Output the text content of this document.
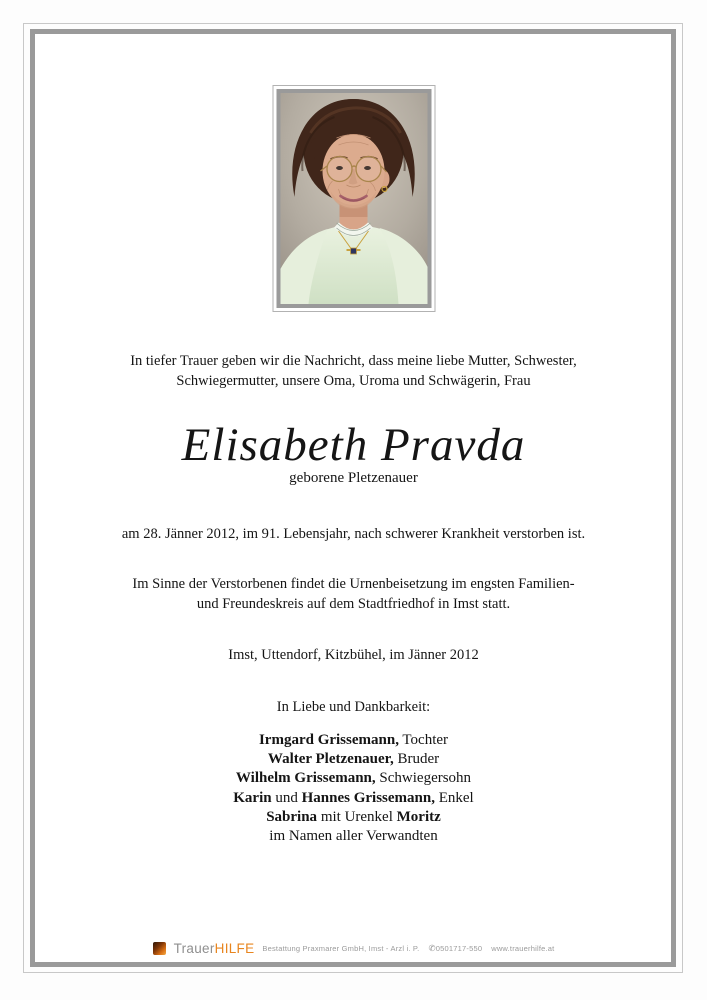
In tiefer Trauer geben wir die Nachricht, dass meine liebe Mutter, Schwester,
Schwiegermutter, unsere Oma, Uroma und Schwägerin, Frau
Elisabeth Pravda
geborene Pletzenauer
am 28. Jänner 2012, im 91. Lebensjahr, nach schwerer Krankheit verstorben ist.
Im Sinne der Verstorbenen findet die Urnenbeisetzung im engsten Familien-
und Freundeskreis auf dem Stadtfriedhof in Imst statt.
Imst, Uttendorf, Kitzbühel, im Jänner 2012
In Liebe und Dankbarkeit:
Irmgard Grissemann, Tochter
Walter Pletzenauer, Bruder
Wilhelm Grissemann, Schwiegersohn
Karin und Hannes Grissemann, Enkel
Sabrina mit Urenkel Moritz
im Namen aller Verwandten
TrauerHILFE Bestattung Praxmarer GmbH, Imst - Arzl i. P. ✆0501717-550 www.trauerhilfe.at
